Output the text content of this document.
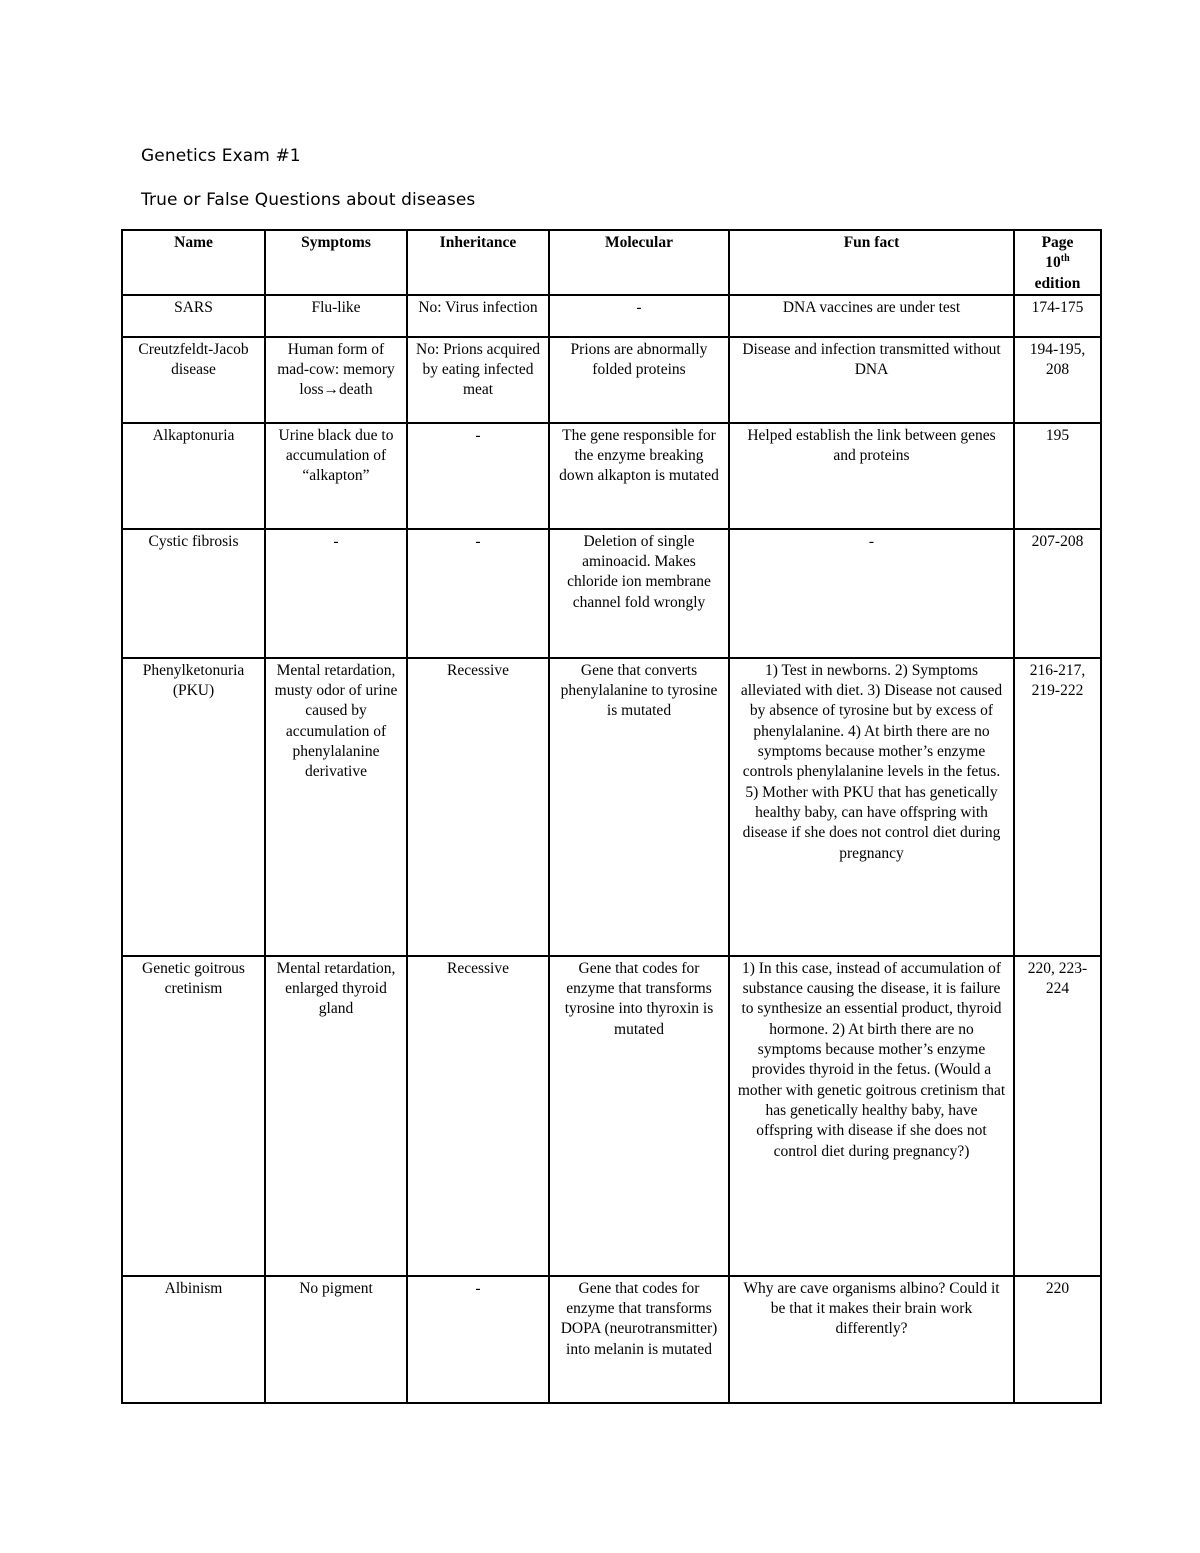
Genetics Exam #1
True or False Questions about diseases
Name	Symptoms	Inheritance	Molecular	Fun fact	Page
10th
edition
SARS	Flu-like	No: Virus infection	-	DNA vaccines are under test	174-175
Creutzfeldt-Jacob disease	Human form of mad-cow: memory loss→death	No: Prions acquired by eating infected meat	Prions are abnormally folded proteins	Disease and infection transmitted without DNA	194-195, 208
Alkaptonuria	Urine black due to accumulation of “alkapton”	-	The gene responsible for the enzyme breaking down alkapton is mutated	Helped establish the link between genes and proteins	195
Cystic fibrosis	-	-	Deletion of single aminoacid. Makes chloride ion membrane channel fold wrongly	-	207-208
Phenylketonuria (PKU)	Mental retardation, musty odor of urine caused by accumulation of phenylalanine derivative	Recessive	Gene that converts phenylalanine to tyrosine is mutated	1) Test in newborns. 2) Symptoms alleviated with diet. 3) Disease not caused by absence of tyrosine but by excess of phenylalanine. 4) At birth there are no symptoms because mother’s enzyme controls phenylalanine levels in the fetus. 5) Mother with PKU that has genetically healthy baby, can have offspring with disease if she does not control diet during pregnancy	216-217, 219-222
Genetic goitrous cretinism	Mental retardation, enlarged thyroid gland	Recessive	Gene that codes for enzyme that transforms tyrosine into thyroxin is mutated	1) In this case, instead of accumulation of substance causing the disease, it is failure to synthesize an essential product, thyroid hormone. 2) At birth there are no symptoms because mother’s enzyme provides thyroid in the fetus. (Would a mother with genetic goitrous cretinism that has genetically healthy baby, have offspring with disease if she does not control diet during pregnancy?)	220, 223-224
Albinism	No pigment	-	Gene that codes for enzyme that transforms DOPA (neurotransmitter) into melanin is mutated	Why are cave organisms albino? Could it be that it makes their brain work differently?	220
